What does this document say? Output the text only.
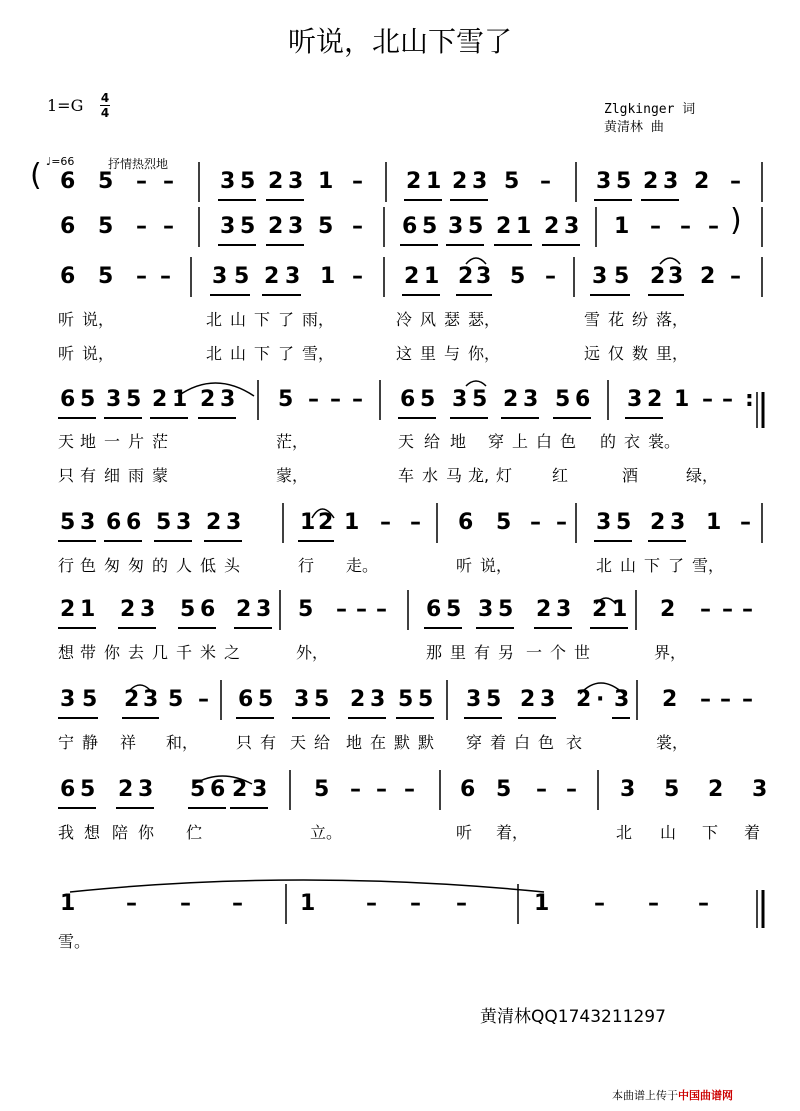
听说，北山下雪了
1=G 4
4	Zlgkinger 词
黄清林 曲
♩=66	抒情热烈地
( 6 5 – – 3 5 2 3 1 – 2 1 2 3 5 – 3 5 2 3 2 –
6 5 – – 3 5 2 3 5 – 6 5 3 5 2 1 2 3 1 – – – )
6 5 – – 3 5 2 3 1 – 2 1 2 3 5 – 3 5 2 3 2 –
6 5 3 5 2 1 2 3 5 – – – 6 5 3 5 2 3 5 6 3 2 1 – – :
5 3 6 6 5 3 2 3	1 2 1 – – 6 5 – – 3 5 2 3 1 –
2 1 2 3 5 6 2 3 5 – – – 6 5 3 5 2 3 2 1 2 – – –
3 5 2 3 5 – 6 5 3 5 2 3 5 5 3 5 2 3 2 · 3 2 – – –
6 5 2 3 5 6 2 3 5 – – – 6 5 – – 3 5 2 3
1 – – –	1 – – –	1 – – –
听 说，	北 山 下 了 雨，	冷 风 瑟 瑟，	雪 花 纷 落，
听 说，	北 山 下 了 雪，	这 里 与 你，	远 仅 数 里，
天 地 一 片 茫	茫，	天 给 地 穿 上 白 色 的 衣 裳。
只 有 细 雨 蒙	蒙，	车 水 马 龙, 灯 红	酒	绿，
行 色 匆 匆 的 人 低 头	行 走。	听 说，	北 山 下 了 雪，
想 带 你 去 几 千 米 之	外，	那 里 有 另 一 个 世	界，
宁 静 祥 和， 只 有 天 给 地 在 默 默 穿 着 白 色 衣	裳，
我 想 陪 你 伫	立。	听 着，	北 山 下 着
雪。
黄清林QQ1743211297
本曲谱上传于中国曲谱网
